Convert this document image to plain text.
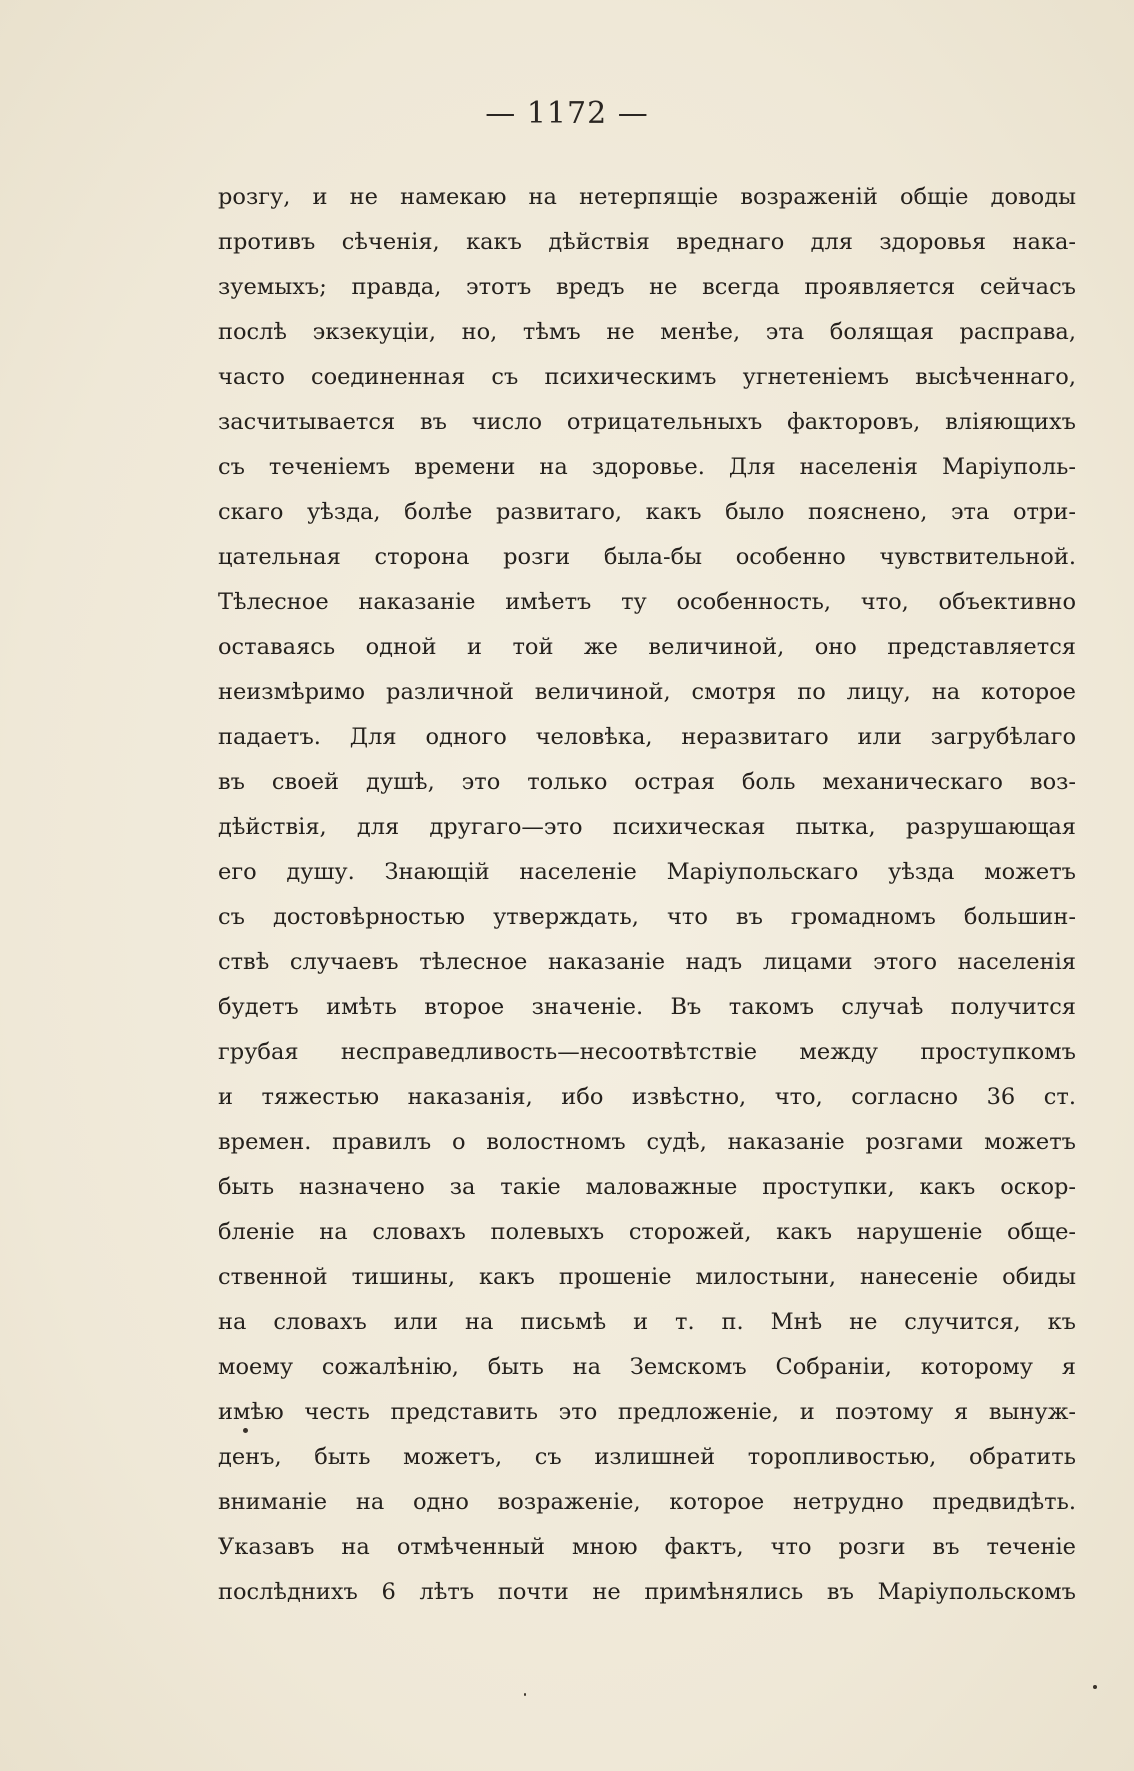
— 1172 —
розгу, и не намекаю на нетерпящіе возраженій общіе доводы
противъ сѣченія, какъ дѣйствія вреднаго для здоровья нака-
зуемыхъ; правда, этотъ вредъ не всегда проявляется сейчасъ
послѣ экзекуціи, но, тѣмъ не менѣе, эта болящая расправа,
часто соединенная съ психическимъ угнетеніемъ высѣченнаго,
засчитывается въ число отрицательныхъ факторовъ, вліяющихъ
съ теченіемъ времени на здоровье. Для населенія Маріуполь-
скаго уѣзда, болѣе развитаго, какъ было пояснено, эта отри-
цательная сторона розги была-бы особенно чувствительной.
Тѣлесное наказаніе имѣетъ ту особенность, что, объективно
оставаясь одной и той же величиной, оно представляется
неизмѣримо различной величиной, смотря по лицу, на которое
падаетъ. Для одного человѣка, неразвитаго или загрубѣлаго
въ своей душѣ, это только острая боль механическаго воз-
дѣйствія, для другаго—это психическая пытка, разрушающая
его душу. Знающій населеніе Маріупольскаго уѣзда можетъ
съ достовѣрностью утверждать, что въ громадномъ большин-
ствѣ случаевъ тѣлесное наказаніе надъ лицами этого населенія
будетъ имѣть второе значеніе. Въ такомъ случаѣ получится
грубая несправедливость—несоотвѣтствіе между проступкомъ
и тяжестью наказанія, ибо извѣстно, что, согласно 36 ст.
времен. правилъ о волостномъ судѣ, наказаніе розгами можетъ
быть назначено за такіе маловажные проступки, какъ оскор-
бленіе на словахъ полевыхъ сторожей, какъ нарушеніе обще-
ственной тишины, какъ прошеніе милостыни, нанесеніе обиды
на словахъ или на письмѣ и т. п. Мнѣ не случится, къ
моему сожалѣнію, быть на Земскомъ Собраніи, которому я
имѣю честь представить это предложеніе, и поэтому я вынуж-
денъ, быть можетъ, съ излишней торопливостью, обратить
вниманіе на одно возраженіе, которое нетрудно предвидѣть.
Указавъ на отмѣченный мною фактъ, что розги въ теченіе
послѣднихъ 6 лѣтъ почти не примѣнялись въ Маріупольскомъ
